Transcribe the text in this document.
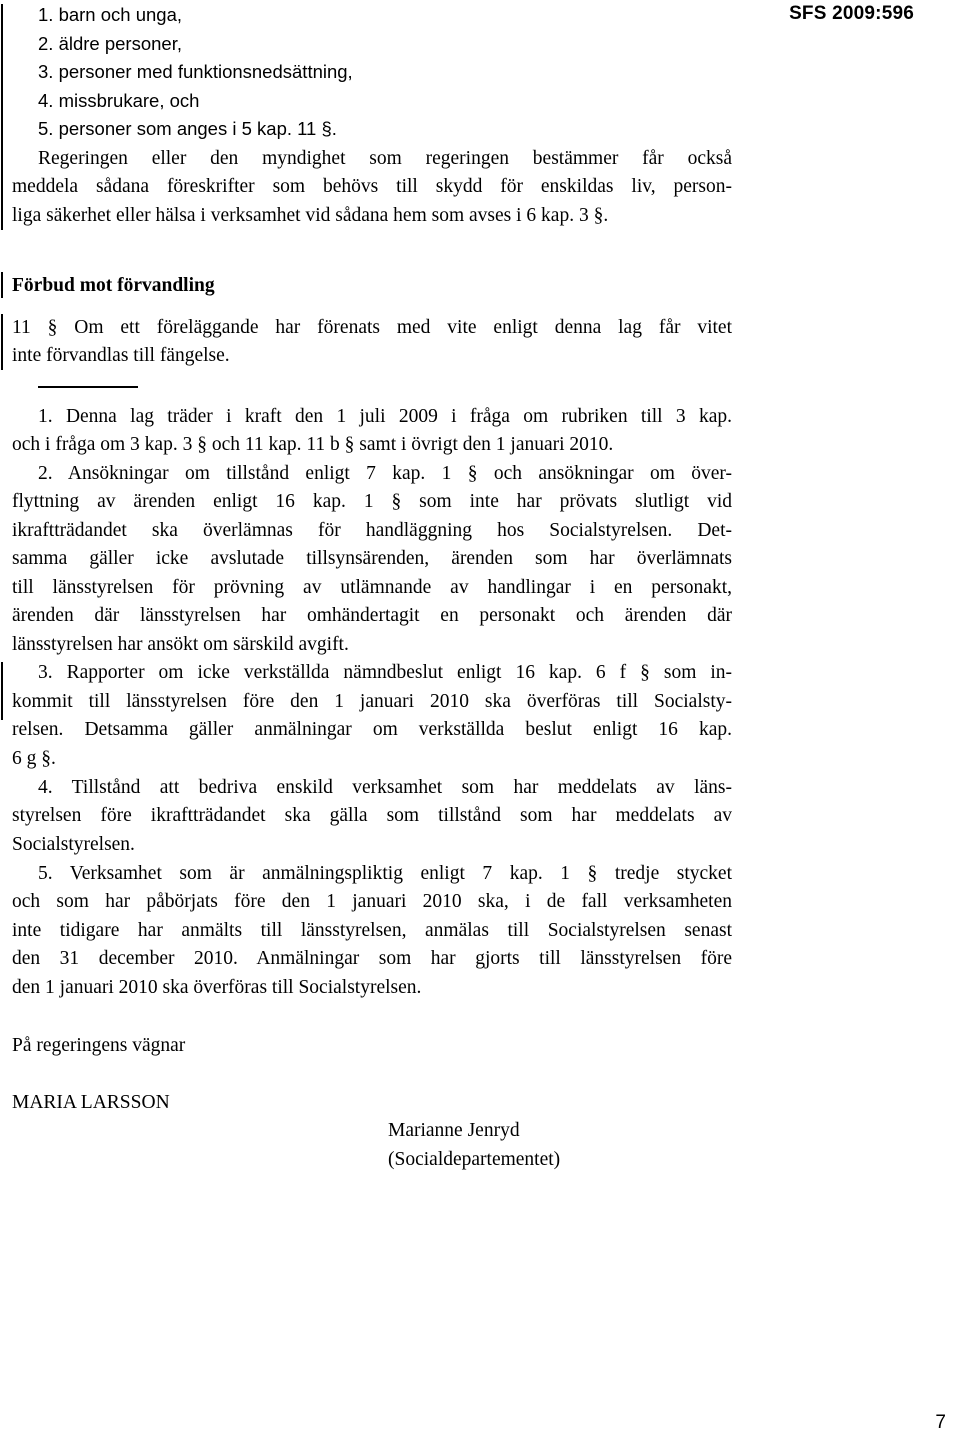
SFS 2009:596
1. barn och unga,
2. äldre personer,
3. personer med funktionsnedsättning,
4. missbrukare, och
5. personer som anges i 5 kap. 11 §.
Regeringen eller den myndighet som regeringen bestämmer får också
meddela sådana föreskrifter som behövs till skydd för enskildas liv, person-
liga säkerhet eller hälsa i verksamhet vid sådana hem som avses i 6 kap. 3 §.
Förbud mot förvandling
11 § Om ett föreläggande har förenats med vite enligt denna lag får vitet
inte förvandlas till fängelse.
1. Denna lag träder i kraft den 1 juli 2009 i fråga om rubriken till 3 kap.
och i fråga om 3 kap. 3 § och 11 kap. 11 b § samt i övrigt den 1 januari 2010.
2. Ansökningar om tillstånd enligt 7 kap. 1 § och ansökningar om över-
flyttning av ärenden enligt 16 kap. 1 § som inte har prövats slutligt vid
ikraftträdandet ska överlämnas för handläggning hos Socialstyrelsen. Det-
samma gäller icke avslutade tillsynsärenden, ärenden som har överlämnats
till länsstyrelsen för prövning av utlämnande av handlingar i en personakt,
ärenden där länsstyrelsen har omhändertagit en personakt och ärenden där
länsstyrelsen har ansökt om särskild avgift.
3. Rapporter om icke verkställda nämndbeslut enligt 16 kap. 6 f § som in-
kommit till länsstyrelsen före den 1 januari 2010 ska överföras till Socialsty-
relsen. Detsamma gäller anmälningar om verkställda beslut enligt 16 kap.
6 g §.
4. Tillstånd att bedriva enskild verksamhet som har meddelats av läns-
styrelsen före ikraftträdandet ska gälla som tillstånd som har meddelats av
Socialstyrelsen.
5. Verksamhet som är anmälningspliktig enligt 7 kap. 1 § tredje stycket
och som har påbörjats före den 1 januari 2010 ska, i de fall verksamheten
inte tidigare har anmälts till länsstyrelsen, anmälas till Socialstyrelsen senast
den 31 december 2010. Anmälningar som har gjorts till länsstyrelsen före
den 1 januari 2010 ska överföras till Socialstyrelsen.
På regeringens vägnar
MARIA LARSSON
Marianne Jenryd
(Socialdepartementet)
7
